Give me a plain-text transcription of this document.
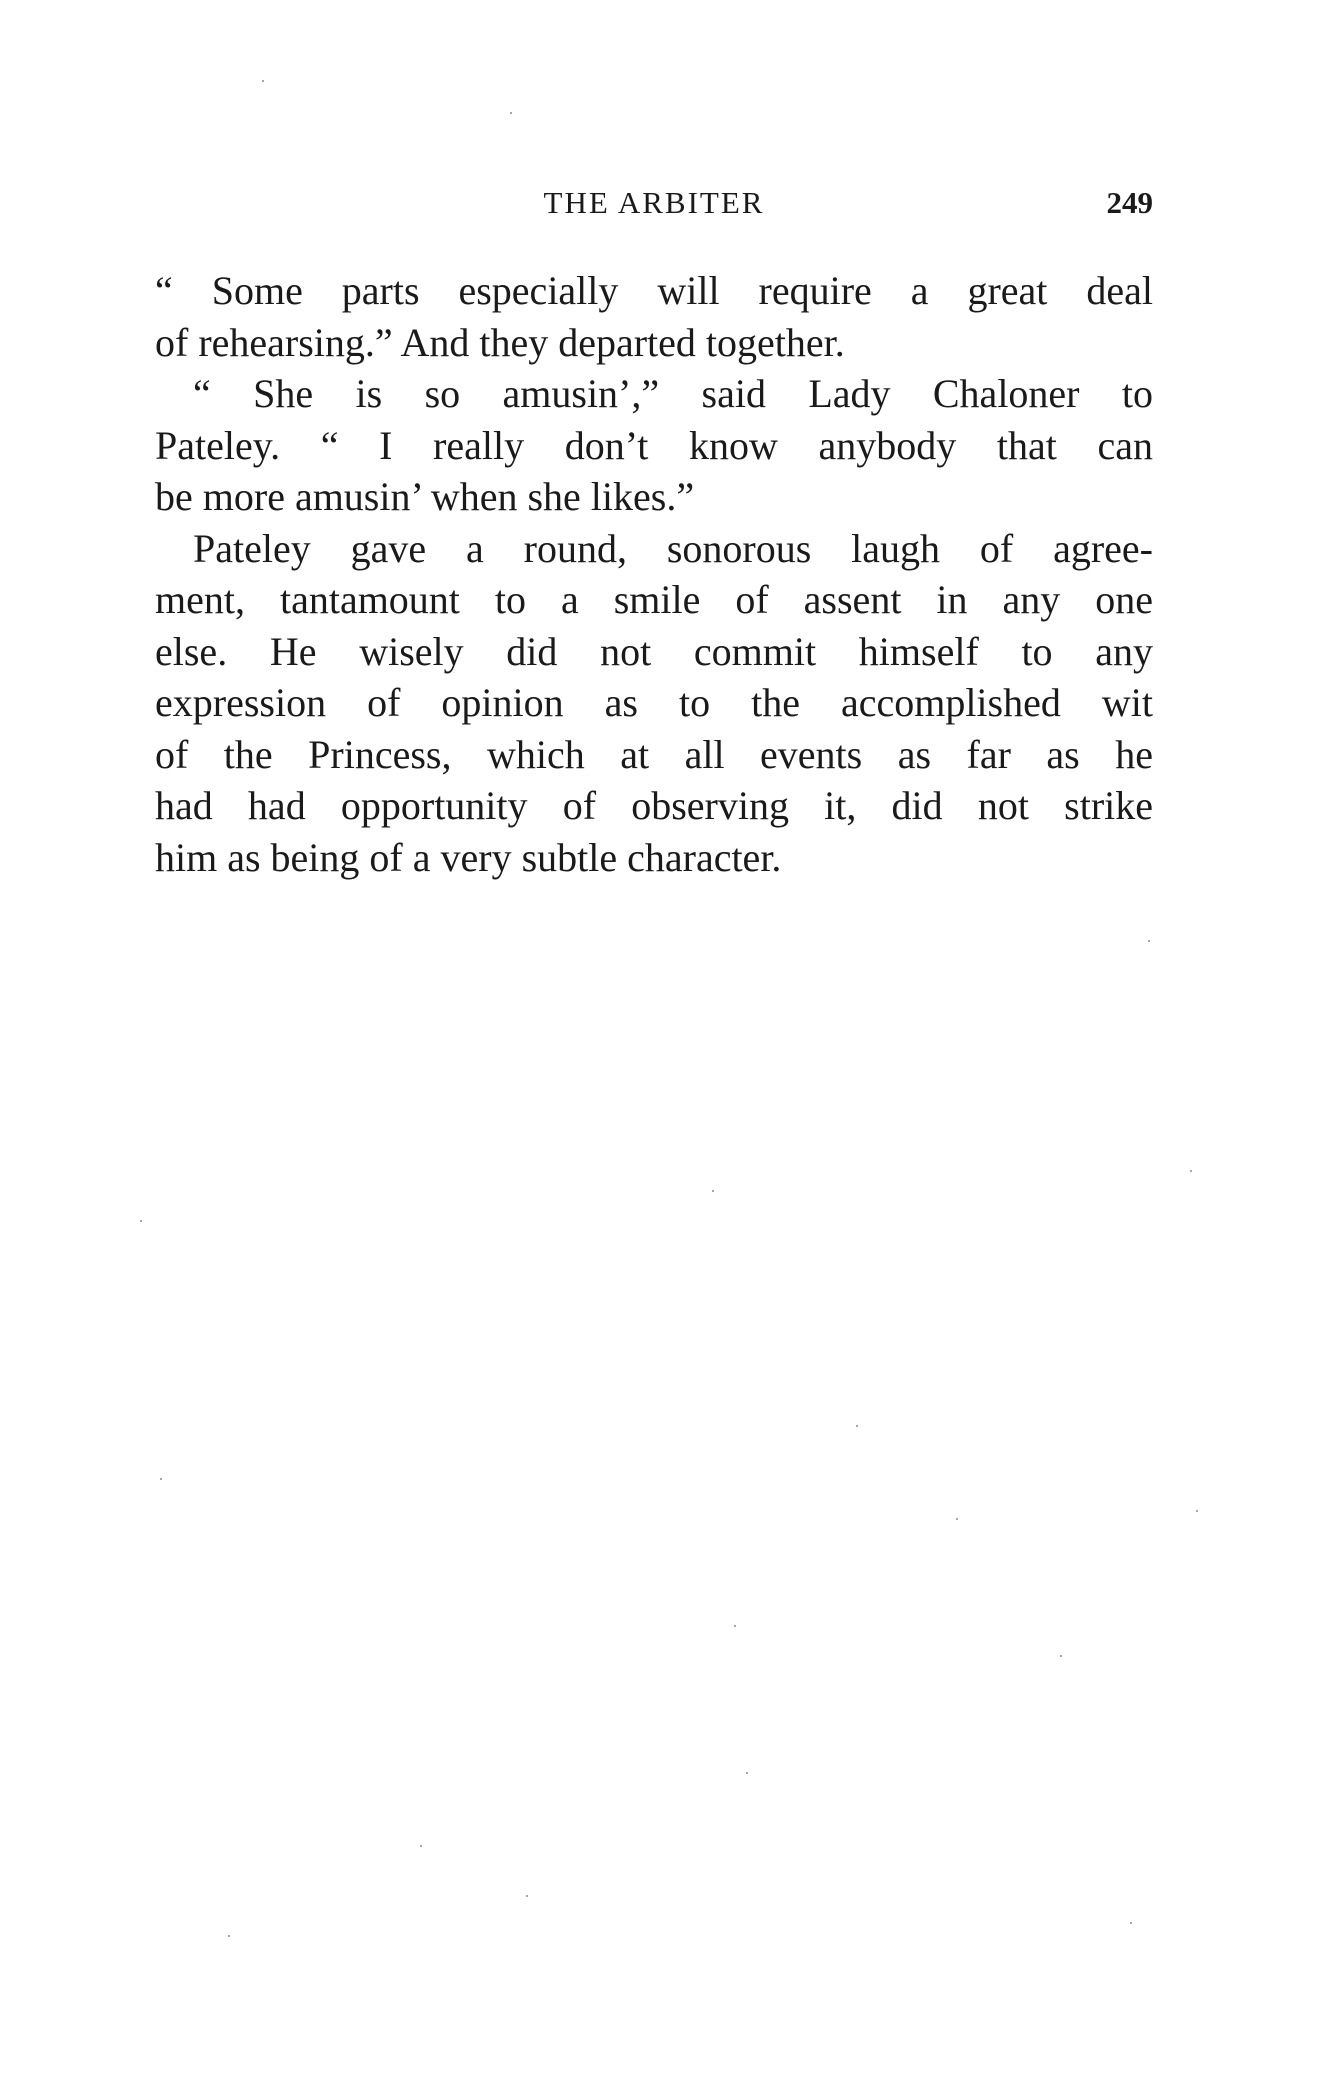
THE ARBITER	249
“ Some parts especially will require a great deal
of rehearsing.” And they departed together.
“ She is so amusin’,” said Lady Chaloner to
Pateley. “ I really don’t know anybody that can
be more amusin’ when she likes.”
Pateley gave a round, sonorous laugh of agree-
ment, tantamount to a smile of assent in any one
else. He wisely did not commit himself to any
expression of opinion as to the accomplished wit
of the Princess, which at all events as far as he
had had opportunity of observing it, did not strike
him as being of a very subtle character.
